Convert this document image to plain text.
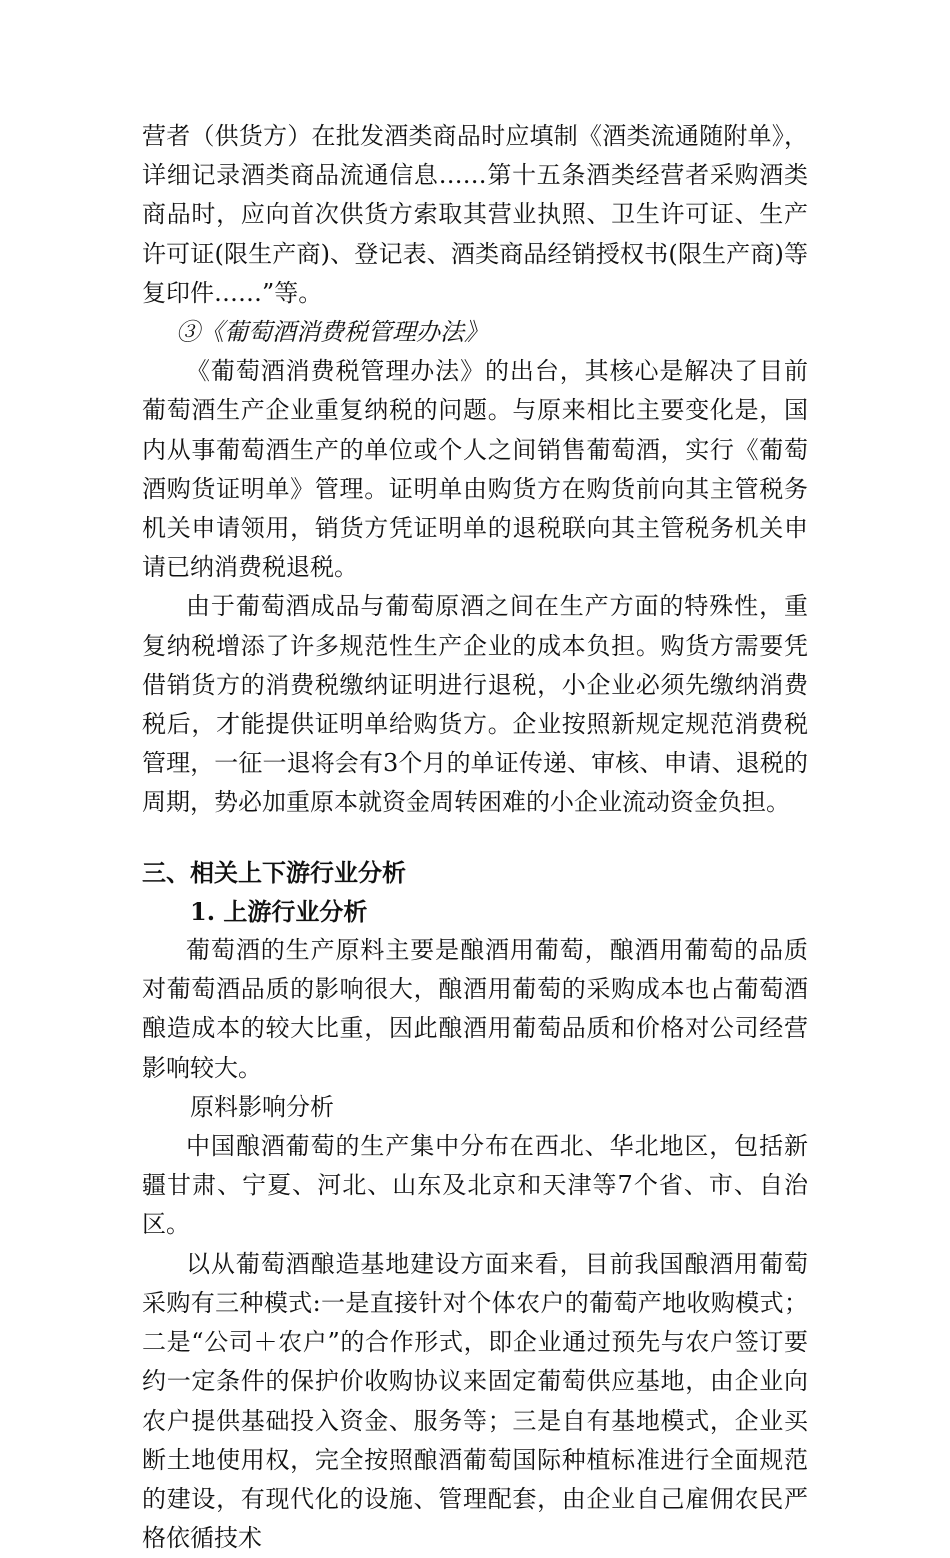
营者（供货方）在批发酒类商品时应填制《酒类流通随附单》，详细记录酒类商品流通信息……第十五条酒类经营者采购酒类商品时，应向首次供货方索取其营业执照、卫生许可证、生产许可证(限生产商)、登记表、酒类商品经销授权书(限生产商)等复印件……”等。

③《葡萄酒消费税管理办法》

《葡萄酒消费税管理办法》的出台，其核心是解决了目前葡萄酒生产企业重复纳税的问题。与原来相比主要变化是，国内从事葡萄酒生产的单位或个人之间销售葡萄酒，实行《葡萄酒购货证明单》管理。证明单由购货方在购货前向其主管税务机关申请领用，销货方凭证明单的退税联向其主管税务机关申请已纳消费税退税。

由于葡萄酒成品与葡萄原酒之间在生产方面的特殊性，重复纳税增添了许多规范性生产企业的成本负担。购货方需要凭借销货方的消费税缴纳证明进行退税，小企业必须先缴纳消费税后，才能提供证明单给购货方。企业按照新规定规范消费税管理，一征一退将会有3个月的单证传递、审核、申请、退税的周期，势必加重原本就资金周转困难的小企业流动资金负担。

三、相关上下游行业分析

1. 上游行业分析

葡萄酒的生产原料主要是酿酒用葡萄，酿酒用葡萄的品质对葡萄酒品质的影响很大，酿酒用葡萄的采购成本也占葡萄酒酿造成本的较大比重，因此酿酒用葡萄品质和价格对公司经营影响较大。

原料影响分析

中国酿酒葡萄的生产集中分布在西北、华北地区，包括新疆甘肃、宁夏、河北、山东及北京和天津等7个省、市、自治区。

以从葡萄酒酿造基地建设方面来看，目前我国酿酒用葡萄采购有三种模式:一是直接针对个体农户的葡萄产地收购模式；二是“公司＋农户”的合作形式，即企业通过预先与农户签订要约一定条件的保护价收购协议来固定葡萄供应基地，由企业向农户提供基础投入资金、服务等；三是自有基地模式，企业买断土地使用权，完全按照酿酒葡萄国际种植标准进行全面规范的建设，有现代化的设施、管理配套，由企业自己雇佣农民严格依循技术
